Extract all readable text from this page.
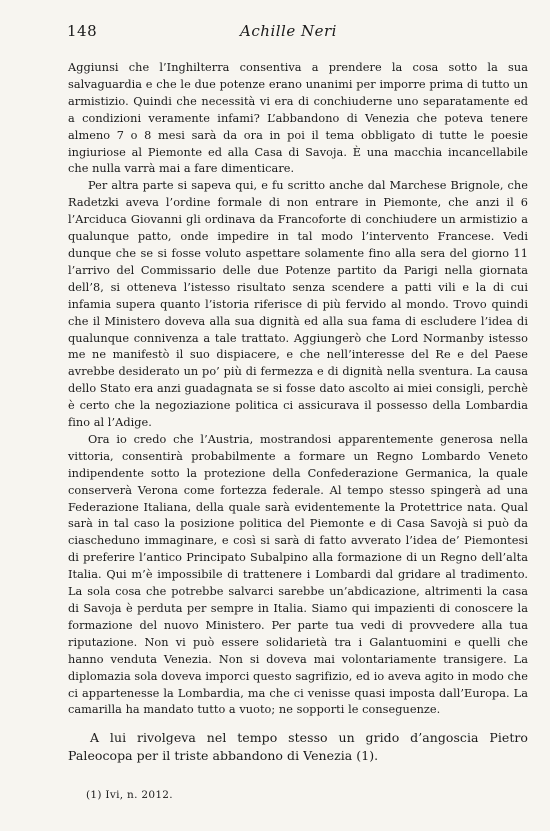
148	Achille Neri

Aggiunsi che l’Inghilterra consentiva a prendere la cosa sotto la sua salvaguardia e che le due potenze erano unanimi per imporre prima di tutto un armistizio. Quindi che necessità vi era di conchiuderne uno separatamente ed a condizioni veramente infami? L’abbandono di Venezia che poteva tenere almeno 7 o 8 mesi sarà da ora in poi il tema obbligato di tutte le poesie ingiuriose al Piemonte ed alla Casa di Savoja. È una macchia incancellabile che nulla varrà mai a fare dimenticare.

Per altra parte si sapeva qui, e fu scritto anche dal Marchese Brignole, che Radetzki aveva l’ordine formale di non entrare in Piemonte, che anzi il 6 l’Arciduca Giovanni gli ordinava da Francoforte di conchiudere un armistizio a qualunque patto, onde impedire in tal modo l’intervento Francese. Vedi dunque che se si fosse voluto aspettare solamente fino alla sera del giorno 11 l’arrivo del Commissario delle due Potenze partito da Parigi nella giornata dell’8, si otteneva l’istesso risultato senza scendere a patti vili e la di cui infamia supera quanto l’istoria riferisce di più fervido al mondo. Trovo quindi che il Ministero doveva alla sua dignità ed alla sua fama di escludere l’idea di qualunque connivenza a tale trattato. Aggiungerò che Lord Normanby istesso me ne manifestò il suo dispiacere, e che nell’interesse del Re e del Paese avrebbe desiderato un po’ più di fermezza e di dignità nella sventura. La causa dello Stato era anzi guadagnata se si fosse dato ascolto ai miei consigli, perchè è certo che la negoziazione politica ci assicurava il possesso della Lombardia fino al l’Adige.

Ora io credo che l’Austria, mostrandosi apparentemente generosa nella vittoria, consentirà probabilmente a formare un Regno Lombardo Veneto indipendente sotto la protezione della Confederazione Germanica, la quale conserverà Verona come fortezza federale. Al tempo stesso spingerà ad una Federazione Italiana, della quale sarà evidentemente la Protettrice nata. Qual sarà in tal caso la posizione politica del Piemonte e di Casa Savojà si può da ciascheduno immaginare, e così si sarà di fatto avverato l’idea de’ Piemontesi di preferire l’antico Principato Subalpino alla formazione di un Regno dell’alta Italia. Qui m’è impossibile di trattenere i Lombardi dal gridare al tradimento. La sola cosa che potrebbe salvarci sarebbe un’abdicazione, altrimenti la casa di Savoja è perduta per sempre in Italia. Siamo qui impazienti di conoscere la formazione del nuovo Ministero. Per parte tua vedi di provvedere alla tua riputazione. Non vi può essere solidarietà tra i Galantuomini e quelli che hanno venduta Venezia. Non si doveva mai volontariamente transigere. La diplomazia sola doveva imporci questo sagrifizio, ed io aveva agito in modo che ci appartenesse la Lombardia, ma che ci venisse quasi imposta dall’Europa. La camarilla ha mandato tutto a vuoto; ne sopporti le conseguenze.

A lui rivolgeva nel tempo stesso un grido d’angoscia Pietro Paleocopa per il triste abbandono di Venezia (1).

(1) Ivi, n. 2012.
